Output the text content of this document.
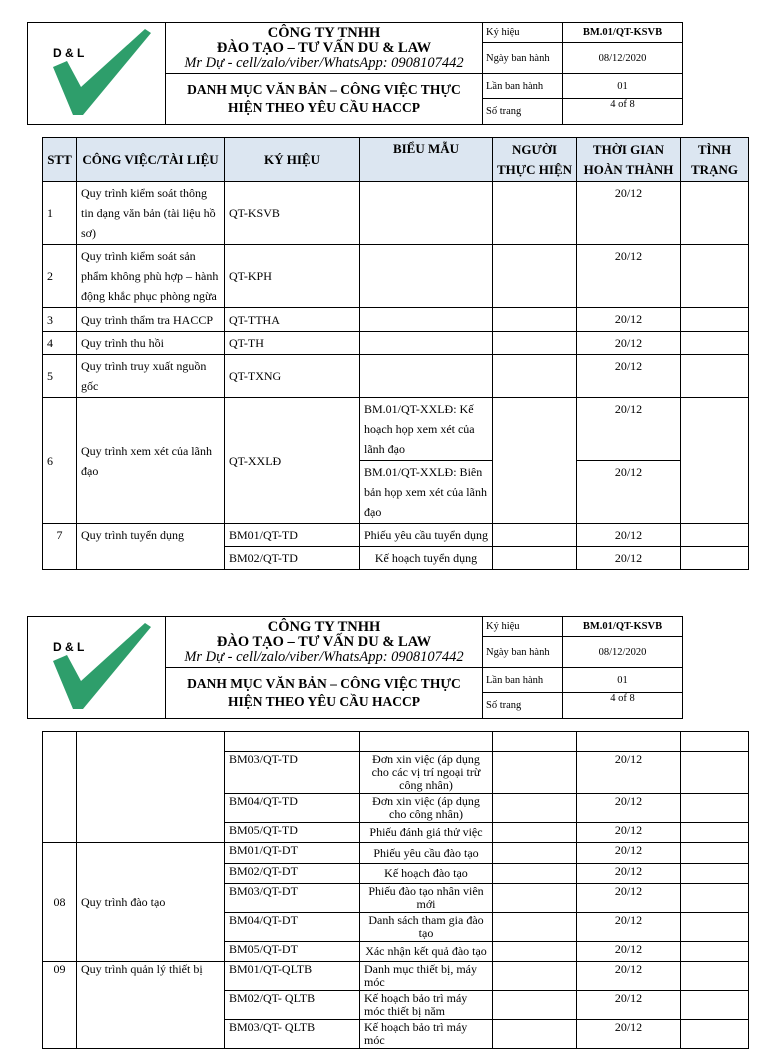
D & L	CÔNG TY TNHH
ĐÀO TẠO – TƯ VẤN DU & LAW
Mr Dự - cell/zalo/viber/WhatsApp: 0908107442	Ký hiệu	BM.01/QT-KSVB
		Ngày ban hành	08/12/2020

	DANH MỤC VĂN BẢN – CÔNG VIỆC THỰC
HIỆN THEO YÊU CẦU HACCP	Lần ban hành	01
		Số trang	4 of 8
STT	CÔNG VIỆC/TÀI LIỆU	KÝ HIỆU	BIỂU MẪU	NGƯỜI THỰC HIỆN	THỜI GIAN HOÀN THÀNH	TÌNH TRẠNG
1	Quy trình kiểm soát thông tin dạng văn bản (tài liệu hồ sơ)	QT-KSVB			20/12	
2	Quy trình kiểm soát sản phẩm không phù hợp – hành động khắc phục phòng ngừa	QT-KPH			20/12	
3	Quy trình thẩm tra HACCP	QT-TTHA			20/12	
4	Quy trình thu hồi	QT-TH			20/12	
5	Quy trình truy xuất nguồn gốc	QT-TXNG			20/12	
6	Quy trình xem xét của lãnh đạo	QT-XXLĐ	BM.01/QT-XXLĐ: Kế hoạch họp xem xét của lãnh đạo		20/12	
			BM.01/QT-XXLĐ: Biên bản họp xem xét của lãnh đạo		20/12	
7	Quy trình tuyển dụng	BM01/QT-TD	Phiếu yêu cầu tuyển dụng		20/12	
		BM02/QT-TD	Kế hoạch tuyển dụng		20/12	
D & L	CÔNG TY TNHH
ĐÀO TẠO – TƯ VẤN DU & LAW
Mr Dự - cell/zalo/viber/WhatsApp: 0908107442	Ký hiệu	BM.01/QT-KSVB
		Ngày ban hành	08/12/2020

	DANH MỤC VĂN BẢN – CÔNG VIỆC THỰC
HIỆN THEO YÊU CẦU HACCP	Lần ban hành	01
		Số trang	4 of 8

		BM03/QT-TD	Đơn xin việc (áp dụng cho các vị trí ngoại trừ công nhân)		20/12	
		BM04/QT-TD	Đơn xin việc (áp dụng cho công nhân)		20/12	
		BM05/QT-TD	Phiếu đánh giá thử việc		20/12	
08	Quy trình đào tạo	BM01/QT-DT	Phiếu yêu cầu đào tạo		20/12	
		BM02/QT-DT	Kế hoạch đào tạo		20/12	
		BM03/QT-DT	Phiếu đào tạo nhân viên mới		20/12	
		BM04/QT-DT	Danh sách tham gia đào tạo		20/12	
		BM05/QT-DT	Xác nhận kết quả đào tạo		20/12	
09	Quy trình quản lý thiết bị	BM01/QT-QLTB	Danh mục thiết bị, máy móc		20/12	
		BM02/QT- QLTB	Kế hoạch bảo trì máy móc thiết bị năm		20/12	
		BM03/QT- QLTB	Kế hoạch bảo trì máy móc		20/12	
